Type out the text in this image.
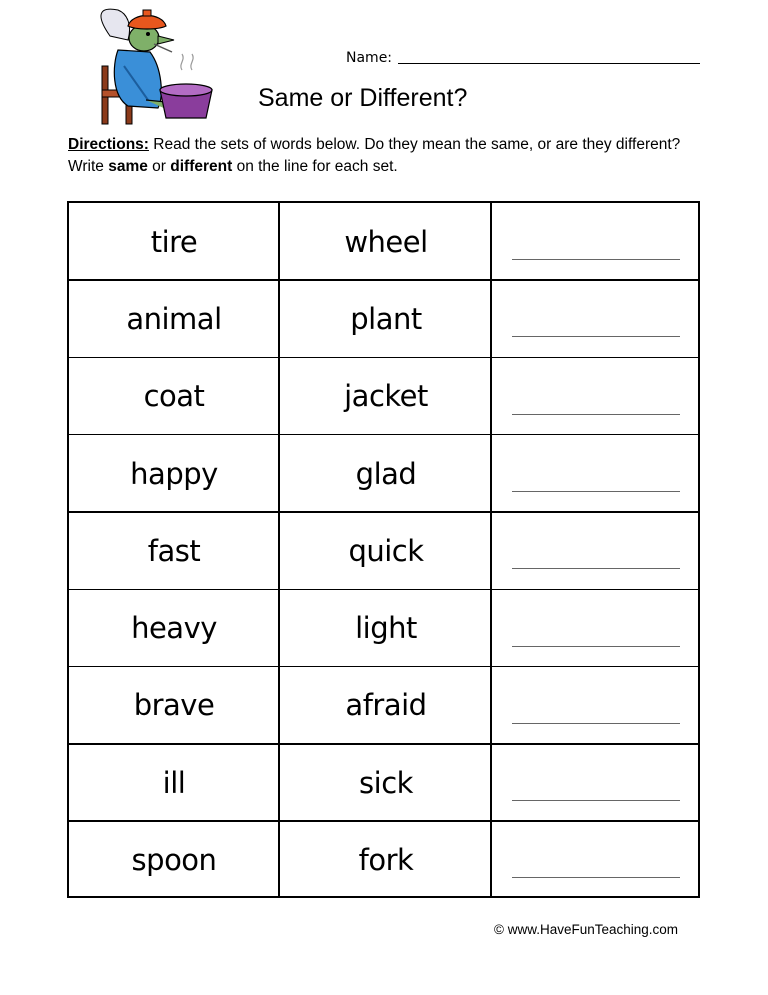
Name:
Same or Different?

Directions: Read the sets of words below. Do they mean the same, or are they different? Write same or different on the line for each set.

tire	wheel
animal	plant
coat	jacket
happy	glad
fast	quick
heavy	light
brave	afraid
ill	sick
spoon	fork
© www.HaveFunTeaching.com
